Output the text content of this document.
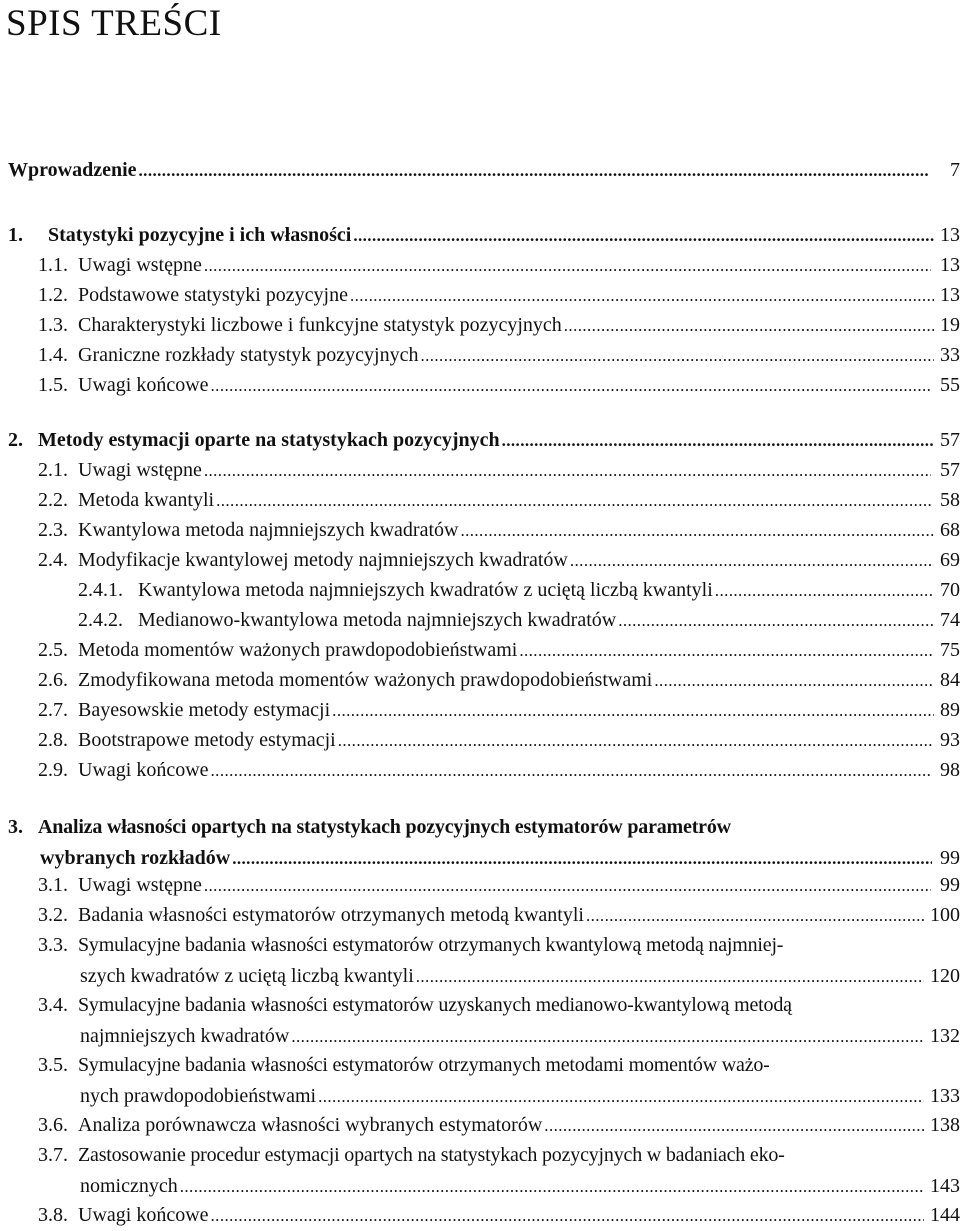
SPIS TREŚCI
Wprowadzenie .....	7
1.	Statystyki pozycyjne i ich własności .....	13
1.1. Uwagi wstępne .....	13
1.2. Podstawowe statystyki pozycyjne .....	13
1.3. Charakterystyki liczbowe i funkcyjne statystyk pozycyjnych .....	19
1.4. Graniczne rozkłady statystyk pozycyjnych .....	33
1.5. Uwagi końcowe .....	55
2. Metody estymacji oparte na statystykach pozycyjnych .....	57
2.1. Uwagi wstępne .....	57
2.2. Metoda kwantyli .....	58
2.3. Kwantylowa metoda najmniejszych kwadratów .....	68
2.4. Modyfikacje kwantylowej metody najmniejszych kwadratów .....	69
2.4.1. Kwantylowa metoda najmniejszych kwadratów z uciętą liczbą kwantyli .....	70
2.4.2. Medianowo-kwantylowa metoda najmniejszych kwadratów .....	74
2.5. Metoda momentów ważonych prawdopodobieństwami .....	75
2.6. Zmodyfikowana metoda momentów ważonych prawdopodobieństwami .....	84
2.7. Bayesowskie metody estymacji .....	89
2.8. Bootstrapowe metody estymacji .....	93
2.9. Uwagi końcowe .....	98
3. Analiza własności opartych na statystykach pozycyjnych estymatorów parametrów
wybranych rozkładów .....	99
3.1. Uwagi wstępne .....	99
3.2. Badania własności estymatorów otrzymanych metodą kwantyli .....	100
3.3. Symulacyjne badania własności estymatorów otrzymanych kwantylową metodą najmniej-
szych kwadratów z uciętą liczbą kwantyli .....	120
3.4. Symulacyjne badania własności estymatorów uzyskanych medianowo-kwantylową metodą
najmniejszych kwadratów .....	132
3.5. Symulacyjne badania własności estymatorów otrzymanych metodami momentów ważo-
nych prawdopodobieństwami .....	133
3.6. Analiza porównawcza własności wybranych estymatorów .....	138
3.7. Zastosowanie procedur estymacji opartych na statystykach pozycyjnych w badaniach eko-
nomicznych .....	143
3.8. Uwagi końcowe .....	144
